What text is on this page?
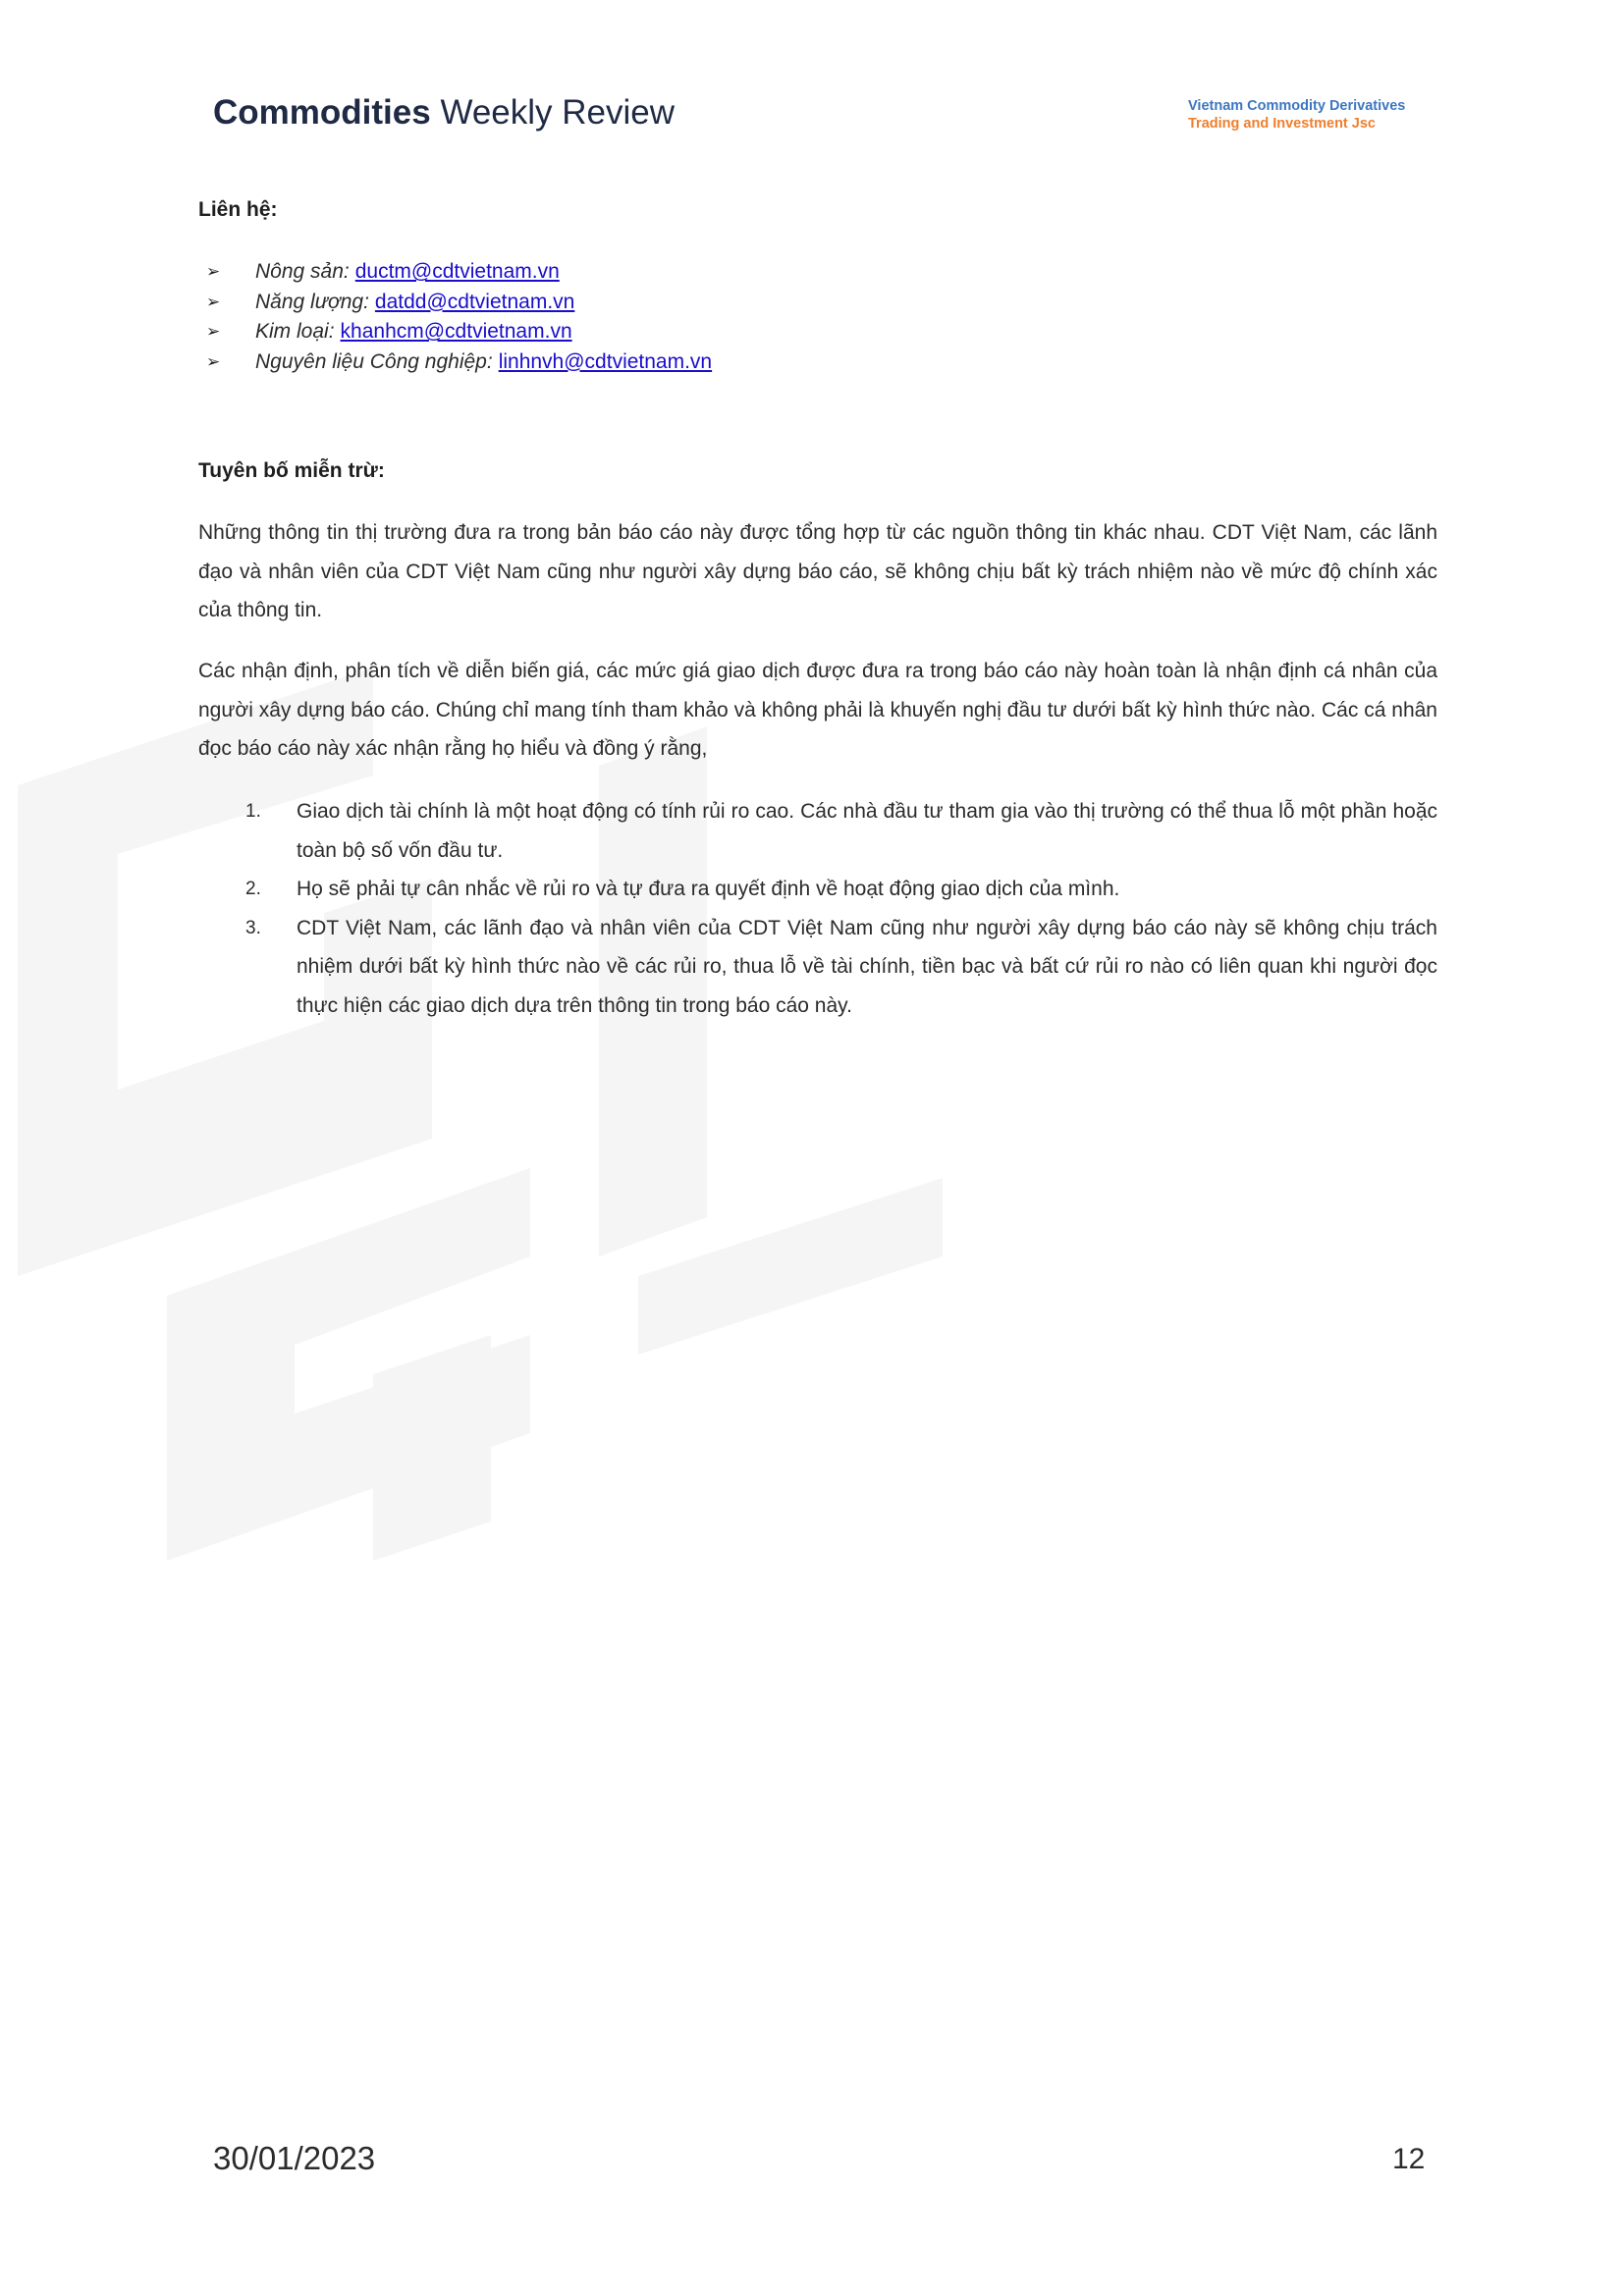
Commodities Weekly Review	Vietnam Commodity Derivatives
Trading and Investment Jsc
Liên hệ:
➢	Nông sản: ductm@cdtvietnam.vn
➢	Năng lượng: datdd@cdtvietnam.vn
➢	Kim loại: khanhcm@cdtvietnam.vn
➢	Nguyên liệu Công nghiệp: linhnvh@cdtvietnam.vn
Tuyên bố miễn trừ:

Những thông tin thị trường đưa ra trong bản báo cáo này được tổng hợp từ các nguồn thông tin khác nhau. CDT Việt Nam, các lãnh đạo và nhân viên của CDT Việt Nam cũng như người xây dựng báo cáo, sẽ không chịu bất kỳ trách nhiệm nào về mức độ chính xác của thông tin.

Các nhận định, phân tích về diễn biến giá, các mức giá giao dịch được đưa ra trong báo cáo này hoàn toàn là nhận định cá nhân của người xây dựng báo cáo. Chúng chỉ mang tính tham khảo và không phải là khuyến nghị đầu tư dưới bất kỳ hình thức nào. Các cá nhân đọc báo cáo này xác nhận rằng họ hiểu và đồng ý rằng,

1.	Giao dịch tài chính là một hoạt động có tính rủi ro cao. Các nhà đầu tư tham gia vào thị trường có thể thua lỗ một phần hoặc toàn bộ số vốn đầu tư.
2.	Họ sẽ phải tự cân nhắc về rủi ro và tự đưa ra quyết định về hoạt động giao dịch của mình.
3.	CDT Việt Nam, các lãnh đạo và nhân viên của CDT Việt Nam cũng như người xây dựng báo cáo này sẽ không chịu trách nhiệm dưới bất kỳ hình thức nào về các rủi ro, thua lỗ về tài chính, tiền bạc và bất cứ rủi ro nào có liên quan khi người đọc thực hiện các giao dịch dựa trên thông tin trong báo cáo này.
30/01/2023	12
